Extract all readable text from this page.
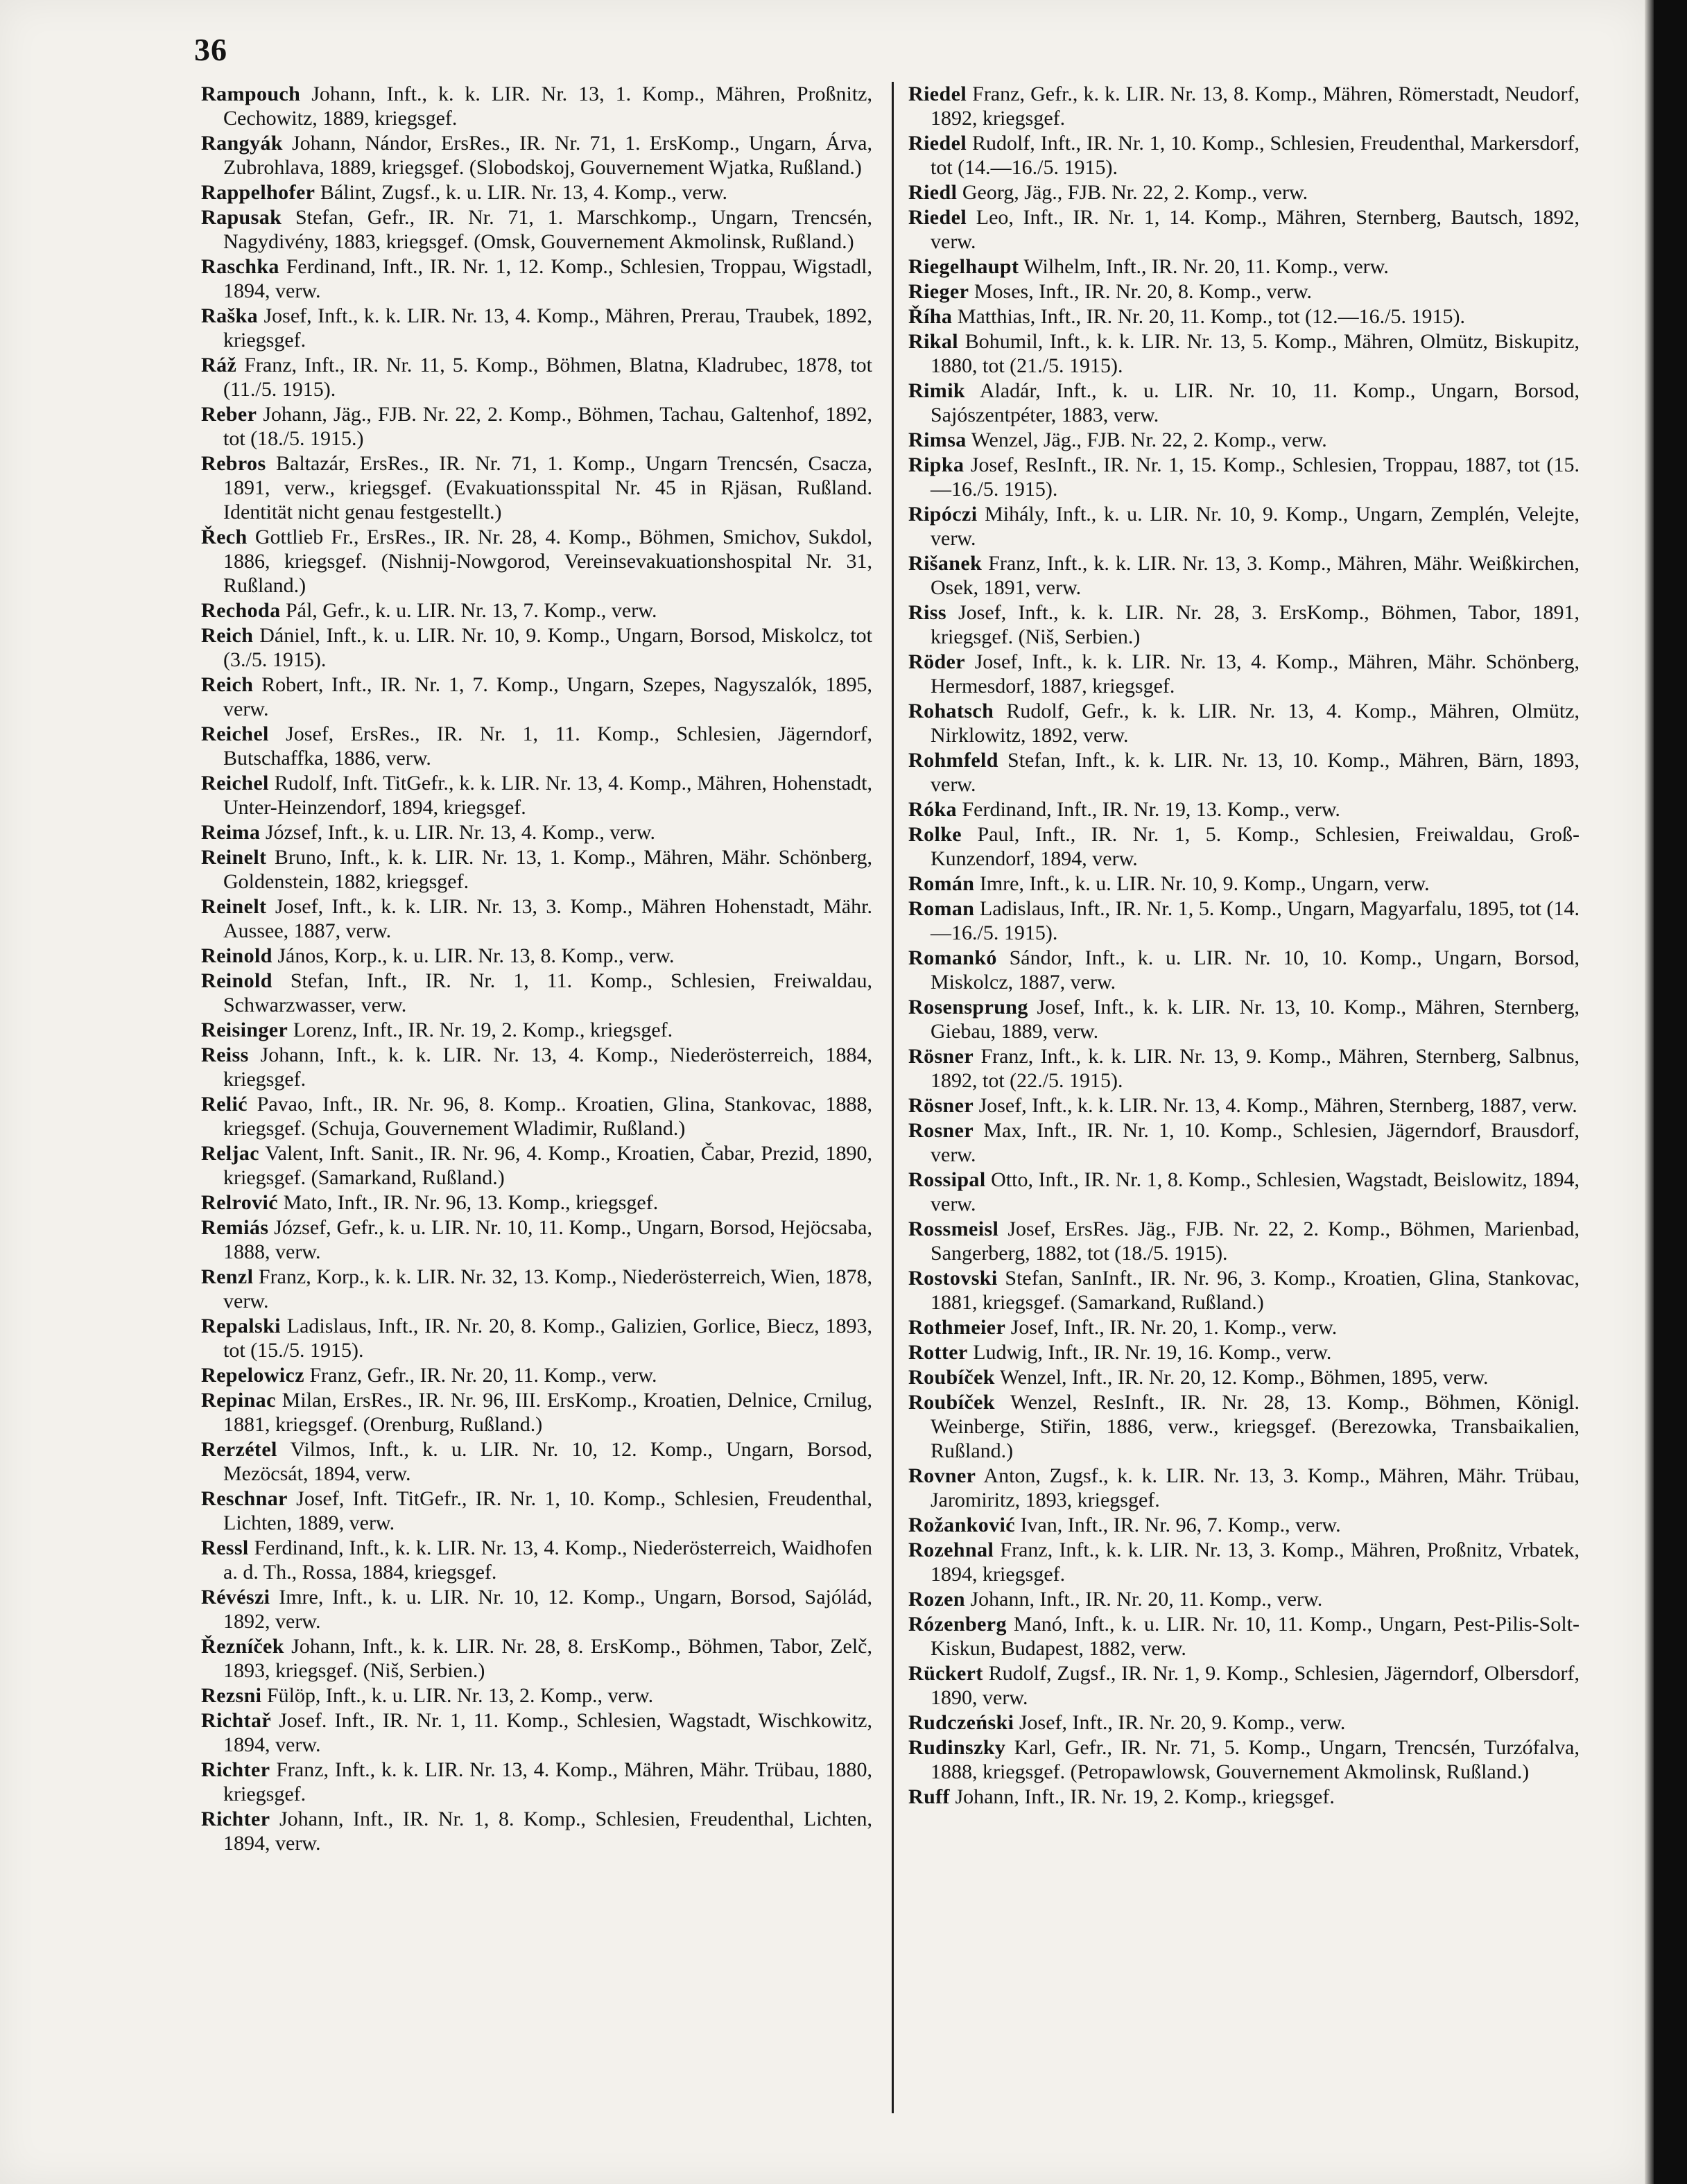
36

Rampouch Johann, Inft., k. k. LIR. Nr. 13, 1. Komp., Mähren, Proßnitz, Cechowitz, 1889, kriegsgef.

Rangyák Johann, Nándor, ErsRes., IR. Nr. 71, 1. ErsKomp., Ungarn, Árva, Zubrohlava, 1889, kriegsgef. (Slobodskoj, Gouvernement Wjatka, Rußland.)

Rappelhofer Bálint, Zugsf., k. u. LIR. Nr. 13, 4. Komp., verw.

Rapusak Stefan, Gefr., IR. Nr. 71, 1. Marschkomp., Ungarn, Trencsén, Nagydivény, 1883, kriegsgef. (Omsk, Gouvernement Akmolinsk, Rußland.)

Raschka Ferdinand, Inft., IR. Nr. 1, 12. Komp., Schlesien, Troppau, Wigstadl, 1894, verw.

Raška Josef, Inft., k. k. LIR. Nr. 13, 4. Komp., Mähren, Prerau, Traubek, 1892, kriegsgef.

Ráž Franz, Inft., IR. Nr. 11, 5. Komp., Böhmen, Blatna, Kladrubec, 1878, tot (11./5. 1915).

Reber Johann, Jäg., FJB. Nr. 22, 2. Komp., Böhmen, Tachau, Galtenhof, 1892, tot (18./5. 1915.)

Rebros Baltazár, ErsRes., IR. Nr. 71, 1. Komp., Ungarn Trencsén, Csacza, 1891, verw., kriegsgef. (Evakuationsspital Nr. 45 in Rjäsan, Rußland. Identität nicht genau festgestellt.)

Řech Gottlieb Fr., ErsRes., IR. Nr. 28, 4. Komp., Böhmen, Smichov, Sukdol, 1886, kriegsgef. (Nishnij-Nowgorod, Vereinsevakuationshospital Nr. 31, Rußland.)

Rechoda Pál, Gefr., k. u. LIR. Nr. 13, 7. Komp., verw.

Reich Dániel, Inft., k. u. LIR. Nr. 10, 9. Komp., Ungarn, Borsod, Miskolcz, tot (3./5. 1915).

Reich Robert, Inft., IR. Nr. 1, 7. Komp., Ungarn, Szepes, Nagyszalók, 1895, verw.

Reichel Josef, ErsRes., IR. Nr. 1, 11. Komp., Schlesien, Jägerndorf, Butschaffka, 1886, verw.

Reichel Rudolf, Inft. TitGefr., k. k. LIR. Nr. 13, 4. Komp., Mähren, Hohenstadt, Unter-Heinzendorf, 1894, kriegsgef.

Reima József, Inft., k. u. LIR. Nr. 13, 4. Komp., verw.

Reinelt Bruno, Inft., k. k. LIR. Nr. 13, 1. Komp., Mähren, Mähr. Schönberg, Goldenstein, 1882, kriegsgef.

Reinelt Josef, Inft., k. k. LIR. Nr. 13, 3. Komp., Mähren Hohenstadt, Mähr. Aussee, 1887, verw.

Reinold János, Korp., k. u. LIR. Nr. 13, 8. Komp., verw.

Reinold Stefan, Inft., IR. Nr. 1, 11. Komp., Schlesien, Freiwaldau, Schwarzwasser, verw.

Reisinger Lorenz, Inft., IR. Nr. 19, 2. Komp., kriegsgef.

Reiss Johann, Inft., k. k. LIR. Nr. 13, 4. Komp., Niederösterreich, 1884, kriegsgef.

Relić Pavao, Inft., IR. Nr. 96, 8. Komp.. Kroatien, Glina, Stankovac, 1888, kriegsgef. (Schuja, Gouvernement Wladimir, Rußland.)

Reljac Valent, Inft. Sanit., IR. Nr. 96, 4. Komp., Kroatien, Čabar, Prezid, 1890, kriegsgef. (Samarkand, Rußland.)

Relrović Mato, Inft., IR. Nr. 96, 13. Komp., kriegsgef.

Remiás József, Gefr., k. u. LIR. Nr. 10, 11. Komp., Ungarn, Borsod, Hejöcsaba, 1888, verw.

Renzl Franz, Korp., k. k. LIR. Nr. 32, 13. Komp., Niederösterreich, Wien, 1878, verw.

Repalski Ladislaus, Inft., IR. Nr. 20, 8. Komp., Galizien, Gorlice, Biecz, 1893, tot (15./5. 1915).

Repelowicz Franz, Gefr., IR. Nr. 20, 11. Komp., verw.

Repinac Milan, ErsRes., IR. Nr. 96, III. ErsKomp., Kroatien, Delnice, Crnilug, 1881, kriegsgef. (Orenburg, Rußland.)

Rerzétel Vilmos, Inft., k. u. LIR. Nr. 10, 12. Komp., Ungarn, Borsod, Mezöcsát, 1894, verw.

Reschnar Josef, Inft. TitGefr., IR. Nr. 1, 10. Komp., Schlesien, Freudenthal, Lichten, 1889, verw.

Ressl Ferdinand, Inft., k. k. LIR. Nr. 13, 4. Komp., Niederösterreich, Waidhofen a. d. Th., Rossa, 1884, kriegsgef.

Révészi Imre, Inft., k. u. LIR. Nr. 10, 12. Komp., Ungarn, Borsod, Sajólád, 1892, verw.

Řezníček Johann, Inft., k. k. LIR. Nr. 28, 8. ErsKomp., Böhmen, Tabor, Zelč, 1893, kriegsgef. (Niš, Serbien.)

Rezsni Fülöp, Inft., k. u. LIR. Nr. 13, 2. Komp., verw.

Richtař Josef. Inft., IR. Nr. 1, 11. Komp., Schlesien, Wagstadt, Wischkowitz, 1894, verw.

Richter Franz, Inft., k. k. LIR. Nr. 13, 4. Komp., Mähren, Mähr. Trübau, 1880, kriegsgef.

Richter Johann, Inft., IR. Nr. 1, 8. Komp., Schlesien, Freudenthal, Lichten, 1894, verw.

Riedel Franz, Gefr., k. k. LIR. Nr. 13, 8. Komp., Mähren, Römerstadt, Neudorf, 1892, kriegsgef.

Riedel Rudolf, Inft., IR. Nr. 1, 10. Komp., Schlesien, Freudenthal, Markersdorf, tot (14.—16./5. 1915).

Riedl Georg, Jäg., FJB. Nr. 22, 2. Komp., verw.

Riedel Leo, Inft., IR. Nr. 1, 14. Komp., Mähren, Sternberg, Bautsch, 1892, verw.

Riegelhaupt Wilhelm, Inft., IR. Nr. 20, 11. Komp., verw.

Rieger Moses, Inft., IR. Nr. 20, 8. Komp., verw.

Říha Matthias, Inft., IR. Nr. 20, 11. Komp., tot (12.—16./5. 1915).

Rikal Bohumil, Inft., k. k. LIR. Nr. 13, 5. Komp., Mähren, Olmütz, Biskupitz, 1880, tot (21./5. 1915).

Rimik Aladár, Inft., k. u. LIR. Nr. 10, 11. Komp., Ungarn, Borsod, Sajószentpéter, 1883, verw.

Rimsa Wenzel, Jäg., FJB. Nr. 22, 2. Komp., verw.

Ripka Josef, ResInft., IR. Nr. 1, 15. Komp., Schlesien, Troppau, 1887, tot (15.—16./5. 1915).

Ripóczi Mihály, Inft., k. u. LIR. Nr. 10, 9. Komp., Ungarn, Zemplén, Velejte, verw.

Rišanek Franz, Inft., k. k. LIR. Nr. 13, 3. Komp., Mähren, Mähr. Weißkirchen, Osek, 1891, verw.

Riss Josef, Inft., k. k. LIR. Nr. 28, 3. ErsKomp., Böhmen, Tabor, 1891, kriegsgef. (Niš, Serbien.)

Röder Josef, Inft., k. k. LIR. Nr. 13, 4. Komp., Mähren, Mähr. Schönberg, Hermesdorf, 1887, kriegsgef.

Rohatsch Rudolf, Gefr., k. k. LIR. Nr. 13, 4. Komp., Mähren, Olmütz, Nirklowitz, 1892, verw.

Rohmfeld Stefan, Inft., k. k. LIR. Nr. 13, 10. Komp., Mähren, Bärn, 1893, verw.

Róka Ferdinand, Inft., IR. Nr. 19, 13. Komp., verw.

Rolke Paul, Inft., IR. Nr. 1, 5. Komp., Schlesien, Freiwaldau, Groß-Kunzendorf, 1894, verw.

Román Imre, Inft., k. u. LIR. Nr. 10, 9. Komp., Ungarn, verw.

Roman Ladislaus, Inft., IR. Nr. 1, 5. Komp., Ungarn, Magyarfalu, 1895, tot (14.—16./5. 1915).

Romankó Sándor, Inft., k. u. LIR. Nr. 10, 10. Komp., Ungarn, Borsod, Miskolcz, 1887, verw.

Rosensprung Josef, Inft., k. k. LIR. Nr. 13, 10. Komp., Mähren, Sternberg, Giebau, 1889, verw.

Rösner Franz, Inft., k. k. LIR. Nr. 13, 9. Komp., Mähren, Sternberg, Salbnus, 1892, tot (22./5. 1915).

Rösner Josef, Inft., k. k. LIR. Nr. 13, 4. Komp., Mähren, Sternberg, 1887, verw.

Rosner Max, Inft., IR. Nr. 1, 10. Komp., Schlesien, Jägerndorf, Brausdorf, verw.

Rossipal Otto, Inft., IR. Nr. 1, 8. Komp., Schlesien, Wagstadt, Beislowitz, 1894, verw.

Rossmeisl Josef, ErsRes. Jäg., FJB. Nr. 22, 2. Komp., Böhmen, Marienbad, Sangerberg, 1882, tot (18./5. 1915).

Rostovski Stefan, SanInft., IR. Nr. 96, 3. Komp., Kroatien, Glina, Stankovac, 1881, kriegsgef. (Samarkand, Rußland.)

Rothmeier Josef, Inft., IR. Nr. 20, 1. Komp., verw.

Rotter Ludwig, Inft., IR. Nr. 19, 16. Komp., verw.

Roubíček Wenzel, Inft., IR. Nr. 20, 12. Komp., Böhmen, 1895, verw.

Roubíček Wenzel, ResInft., IR. Nr. 28, 13. Komp., Böhmen, Königl. Weinberge, Stiřin, 1886, verw., kriegsgef. (Berezowka, Transbaikalien, Rußland.)

Rovner Anton, Zugsf., k. k. LIR. Nr. 13, 3. Komp., Mähren, Mähr. Trübau, Jaromiritz, 1893, kriegsgef.

Rožanković Ivan, Inft., IR. Nr. 96, 7. Komp., verw.

Rozehnal Franz, Inft., k. k. LIR. Nr. 13, 3. Komp., Mähren, Proßnitz, Vrbatek, 1894, kriegsgef.

Rozen Johann, Inft., IR. Nr. 20, 11. Komp., verw.

Rózenberg Manó, Inft., k. u. LIR. Nr. 10, 11. Komp., Ungarn, Pest-Pilis-Solt-Kiskun, Budapest, 1882, verw.

Rückert Rudolf, Zugsf., IR. Nr. 1, 9. Komp., Schlesien, Jägerndorf, Olbersdorf, 1890, verw.

Rudczeński Josef, Inft., IR. Nr. 20, 9. Komp., verw.

Rudinszky Karl, Gefr., IR. Nr. 71, 5. Komp., Ungarn, Trencsén, Turzófalva, 1888, kriegsgef. (Petropawlowsk, Gouvernement Akmolinsk, Rußland.)

Ruff Johann, Inft., IR. Nr. 19, 2. Komp., kriegsgef.
